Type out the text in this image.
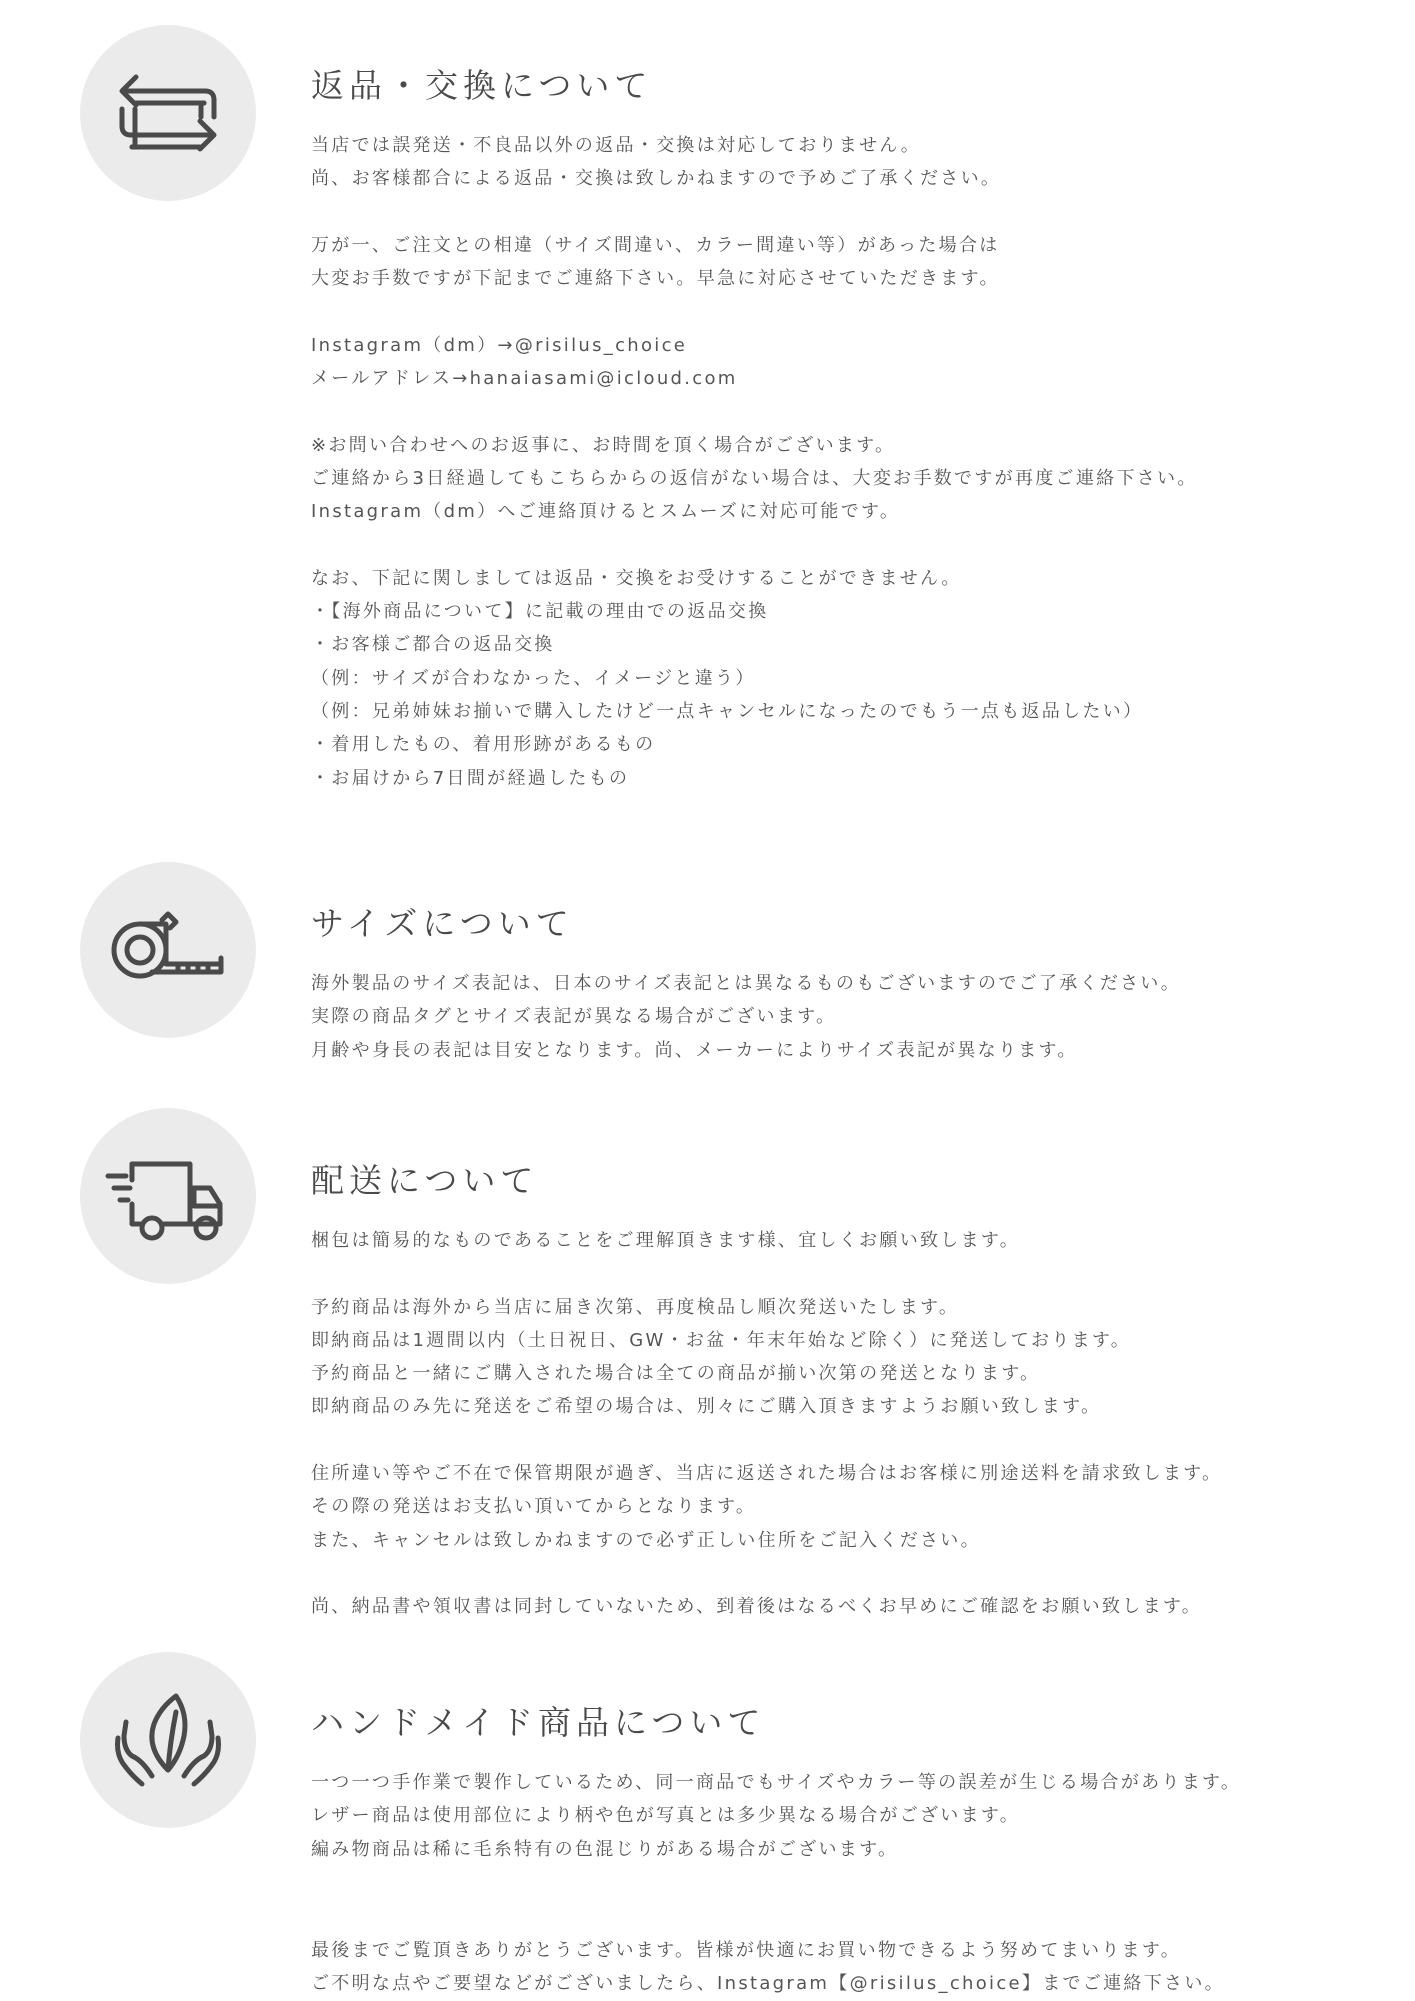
返品・交換について
当店では誤発送・不良品以外の返品・交換は対応しておりません。
尚、お客様都合による返品・交換は致しかねますので予めご了承ください。
万が一、ご注文との相違（サイズ間違い、カラー間違い等）があった場合は
大変お手数ですが下記までご連絡下さい。早急に対応させていただきます。
Instagram（dm）→@risilus_choice
メールアドレス→hanaiasami@icloud.com
※お問い合わせへのお返事に、お時間を頂く場合がございます。
ご連絡から3日経過してもこちらからの返信がない場合は、大変お手数ですが再度ご連絡下さい。
Instagram（dm）へご連絡頂けるとスムーズに対応可能です。
なお、下記に関しましては返品・交換をお受けすることができません。
・【海外商品について】に記載の理由での返品交換
・お客様ご都合の返品交換
（例：サイズが合わなかった、イメージと違う）
（例：兄弟姉妹お揃いで購入したけど一点キャンセルになったのでもう一点も返品したい）
・着用したもの、着用形跡があるもの
・お届けから7日間が経過したもの
サイズについて
海外製品のサイズ表記は、日本のサイズ表記とは異なるものもございますのでご了承ください。
実際の商品タグとサイズ表記が異なる場合がございます。
月齢や身長の表記は目安となります。尚、メーカーによりサイズ表記が異なります。
配送について
梱包は簡易的なものであることをご理解頂きます様、宜しくお願い致します。
予約商品は海外から当店に届き次第、再度検品し順次発送いたします。
即納商品は1週間以内（土日祝日、GW・お盆・年末年始など除く）に発送しております。
予約商品と一緒にご購入された場合は全ての商品が揃い次第の発送となります。
即納商品のみ先に発送をご希望の場合は、別々にご購入頂きますようお願い致します。
住所違い等やご不在で保管期限が過ぎ、当店に返送された場合はお客様に別途送料を請求致します。
その際の発送はお支払い頂いてからとなります。
また、キャンセルは致しかねますので必ず正しい住所をご記入ください。
尚、納品書や領収書は同封していないため、到着後はなるべくお早めにご確認をお願い致します。
ハンドメイド商品について
一つ一つ手作業で製作しているため、同一商品でもサイズやカラー等の誤差が生じる場合があります。
レザー商品は使用部位により柄や色が写真とは多少異なる場合がございます。
編み物商品は稀に毛糸特有の色混じりがある場合がございます。
最後までご覧頂きありがとうございます。皆様が快適にお買い物できるよう努めてまいります。
ご不明な点やご要望などがございましたら、Instagram【@risilus_choice】までご連絡下さい。
